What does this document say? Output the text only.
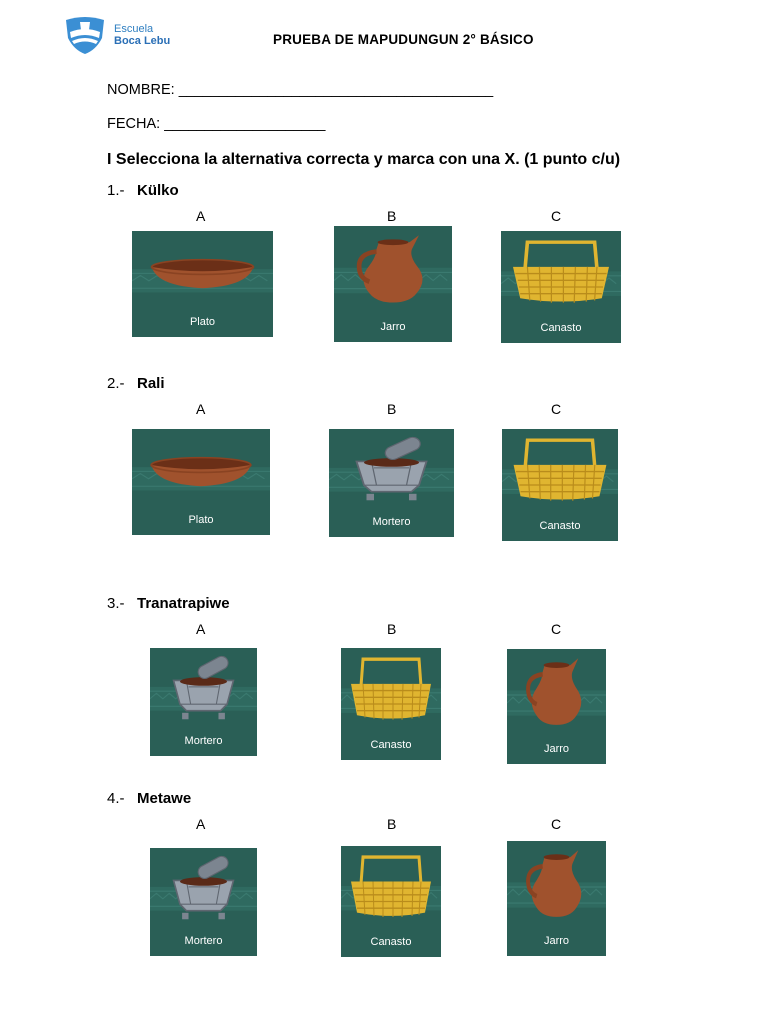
Escuela
Boca Lebu	PRUEBA DE MAPUDUNGUN 2° BÁSICO
NOMBRE: _______________________________________
FECHA: ____________________
I Selecciona la alternativa correcta y marca con una X. (1 punto c/u)
1.- Külko
A	B	C
Plato	Jarro	Canasto
2.- Rali
A	B	C
Plato	Mortero	Canasto
3.- Tranatrapiwe
A	B	C
Mortero	Canasto	Jarro
4.- Metawe
A	B	C
Mortero	Canasto	Jarro
